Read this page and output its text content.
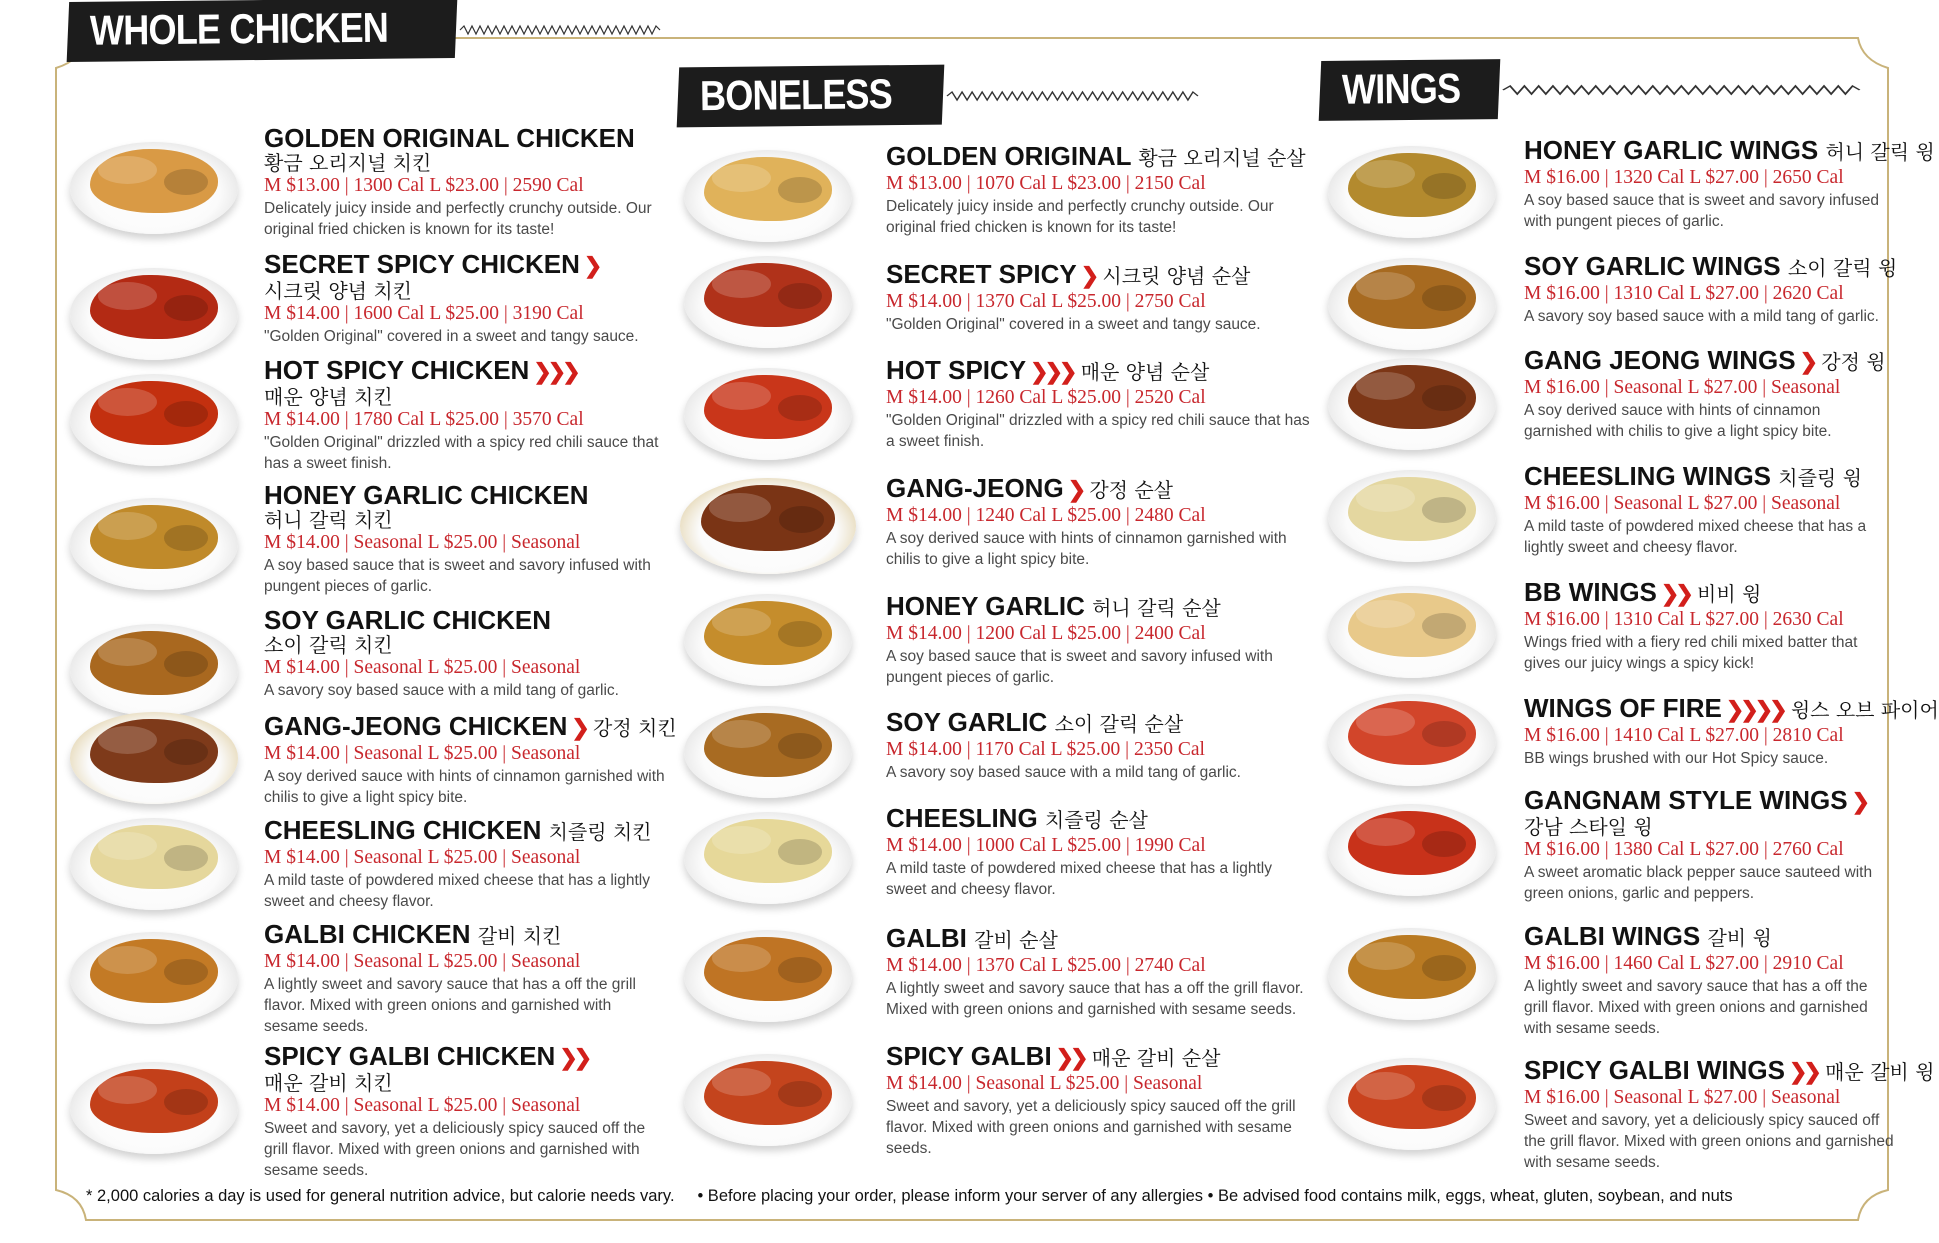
WHOLE CHICKEN
GOLDEN ORIGINAL CHICKEN
황금 오리지널 치킨
M $13.00 | 1300 Cal L $23.00 | 2590 Cal
Delicately juicy inside and perfectly crunchy outside. Our original fried chicken is known for its taste!
SECRET SPICY CHICKEN ❯
시크릿 양념 치킨
M $14.00 | 1600 Cal L $25.00 | 3190 Cal
"Golden Original" covered in a sweet and tangy sauce.
HOT SPICY CHICKEN ❯❯❯
매운 양념 치킨
M $14.00 | 1780 Cal L $25.00 | 3570 Cal
"Golden Original" drizzled with a spicy red chili sauce that has a sweet finish.
HONEY GARLIC CHICKEN
허니 갈릭 치킨
M $14.00 | Seasonal L $25.00 | Seasonal
A soy based sauce that is sweet and savory infused with pungent pieces of garlic.
SOY GARLIC CHICKEN
소이 갈릭 치킨
M $14.00 | Seasonal L $25.00 | Seasonal
A savory soy based sauce with a mild tang of garlic.
GANG-JEONG CHICKEN ❯ 강정 치킨
M $14.00 | Seasonal L $25.00 | Seasonal
A soy derived sauce with hints of cinnamon garnished with chilis to give a light spicy bite.
CHEESLING CHICKEN 치즐링 치킨
M $14.00 | Seasonal L $25.00 | Seasonal
A mild taste of powdered mixed cheese that has a lightly sweet and cheesy flavor.
GALBI CHICKEN 갈비 치킨
M $14.00 | Seasonal L $25.00 | Seasonal
A lightly sweet and savory sauce that has a off the grill flavor. Mixed with green onions and garnished with sesame seeds.
SPICY GALBI CHICKEN ❯❯
매운 갈비 치킨
M $14.00 | Seasonal L $25.00 | Seasonal
Sweet and savory, yet a deliciously spicy sauced off the grill flavor. Mixed with green onions and garnished with sesame seeds.
BONELESS
GOLDEN ORIGINAL 황금 오리지널 순살
M $13.00 | 1070 Cal L $23.00 | 2150 Cal
Delicately juicy inside and perfectly crunchy outside. Our original fried chicken is known for its taste!
SECRET SPICY ❯ 시크릿 양념 순살
M $14.00 | 1370 Cal L $25.00 | 2750 Cal
"Golden Original" covered in a sweet and tangy sauce.
HOT SPICY ❯❯❯ 매운 양념 순살
M $14.00 | 1260 Cal L $25.00 | 2520 Cal
"Golden Original" drizzled with a spicy red chili sauce that has a sweet finish.
GANG-JEONG ❯ 강정 순살
M $14.00 | 1240 Cal L $25.00 | 2480 Cal
A soy derived sauce with hints of cinnamon garnished with chilis to give a light spicy bite.
HONEY GARLIC 허니 갈릭 순살
M $14.00 | 1200 Cal L $25.00 | 2400 Cal
A soy based sauce that is sweet and savory infused with pungent pieces of garlic.
SOY GARLIC 소이 갈릭 순살
M $14.00 | 1170 Cal L $25.00 | 2350 Cal
A savory soy based sauce with a mild tang of garlic.
CHEESLING 치즐링 순살
M $14.00 | 1000 Cal L $25.00 | 1990 Cal
A mild taste of powdered mixed cheese that has a lightly sweet and cheesy flavor.
GALBI 갈비 순살
M $14.00 | 1370 Cal L $25.00 | 2740 Cal
A lightly sweet and savory sauce that has a off the grill flavor. Mixed with green onions and garnished with sesame seeds.
SPICY GALBI ❯❯ 매운 갈비 순살
M $14.00 | Seasonal L $25.00 | Seasonal
Sweet and savory, yet a deliciously spicy sauced off the grill flavor. Mixed with green onions and garnished with sesame seeds.
WINGS
HONEY GARLIC WINGS 허니 갈릭 윙
M $16.00 | 1320 Cal L $27.00 | 2650 Cal
A soy based sauce that is sweet and savory infused with pungent pieces of garlic.
SOY GARLIC WINGS 소이 갈릭 윙
M $16.00 | 1310 Cal L $27.00 | 2620 Cal
A savory soy based sauce with a mild tang of garlic.
GANG JEONG WINGS ❯ 강정 윙
M $16.00 | Seasonal L $27.00 | Seasonal
A soy derived sauce with hints of cinnamon garnished with chilis to give a light spicy bite.
CHEESLING WINGS 치즐링 윙
M $16.00 | Seasonal L $27.00 | Seasonal
A mild taste of powdered mixed cheese that has a lightly sweet and cheesy flavor.
BB WINGS ❯❯ 비비 윙
M $16.00 | 1310 Cal L $27.00 | 2630 Cal
Wings fried with a fiery red chili mixed batter that gives our juicy wings a spicy kick!
WINGS OF FIRE ❯❯❯❯ 윙스 오브 파이어
M $16.00 | 1410 Cal L $27.00 | 2810 Cal
BB wings brushed with our Hot Spicy sauce.
GANGNAM STYLE WINGS ❯
강남 스타일 윙
M $16.00 | 1380 Cal L $27.00 | 2760 Cal
A sweet aromatic black pepper sauce sauteed with green onions, garlic and peppers.
GALBI WINGS 갈비 윙
M $16.00 | 1460 Cal L $27.00 | 2910 Cal
A lightly sweet and savory sauce that has a off the grill flavor. Mixed with green onions and garnished with sesame seeds.
SPICY GALBI WINGS ❯❯ 매운 갈비 윙
M $16.00 | Seasonal L $27.00 | Seasonal
Sweet and savory, yet a deliciously spicy sauced off the grill flavor. Mixed with green onions and garnished with sesame seeds.
* 2,000 calories a day is used for general nutrition advice, but calorie needs vary.     • Before placing your order, please inform your server of any allergies • Be advised food contains milk, eggs, wheat, gluten, soybean, and nuts
